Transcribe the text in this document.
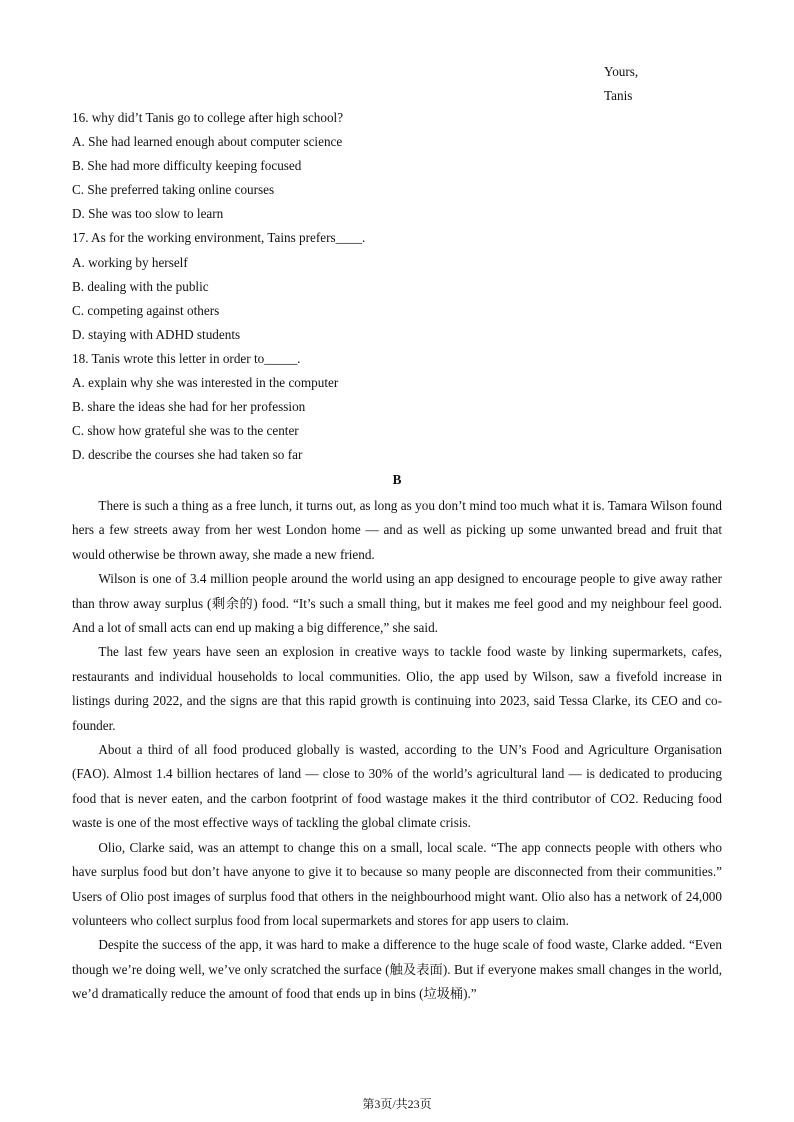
Yours,
Tanis
16. why did’t Tanis go to college after high school?
A. She had learned enough about computer science
B. She had more difficulty keeping focused
C. She preferred taking online courses
D. She was too slow to learn
17. As for the working environment, Tains prefers____.
A. working by herself
B. dealing with the public
C. competing against others
D. staying with ADHD students
18. Tanis wrote this letter in order to_____.
A. explain why she was interested in the computer
B. share the ideas she had for her profession
C. show how grateful she was to the center
D. describe the courses she had taken so far
B

There is such a thing as a free lunch, it turns out, as long as you don’t mind too much what it is. Tamara Wilson found hers a few streets away from her west London home — and as well as picking up some unwanted bread and fruit that would otherwise be thrown away, she made a new friend.

Wilson is one of 3.4 million people around the world using an app designed to encourage people to give away rather than throw away surplus (剩余的) food. “It’s such a small thing, but it makes me feel good and my neighbour feel good. And a lot of small acts can end up making a big difference,” she said.

The last few years have seen an explosion in creative ways to tackle food waste by linking supermarkets, cafes, restaurants and individual households to local communities. Olio, the app used by Wilson, saw a fivefold increase in listings during 2022, and the signs are that this rapid growth is continuing into 2023, said Tessa Clarke, its CEO and co-founder.

About a third of all food produced globally is wasted, according to the UN’s Food and Agriculture Organisation (FAO). Almost 1.4 billion hectares of land — close to 30% of the world’s agricultural land — is dedicated to producing food that is never eaten, and the carbon footprint of food wastage makes it the third contributor of CO2. Reducing food waste is one of the most effective ways of tackling the global climate crisis.

Olio, Clarke said, was an attempt to change this on a small, local scale. “The app connects people with others who have surplus food but don’t have anyone to give it to because so many people are disconnected from their communities.” Users of Olio post images of surplus food that others in the neighbourhood might want. Olio also has a network of 24,000 volunteers who collect surplus food from local supermarkets and stores for app users to claim.

Despite the success of the app, it was hard to make a difference to the huge scale of food waste, Clarke added. “Even though we’re doing well, we’ve only scratched the surface (触及表面). But if everyone makes small changes in the world, we’d dramatically reduce the amount of food that ends up in bins (垃圾桶).”

第3页/共23页
